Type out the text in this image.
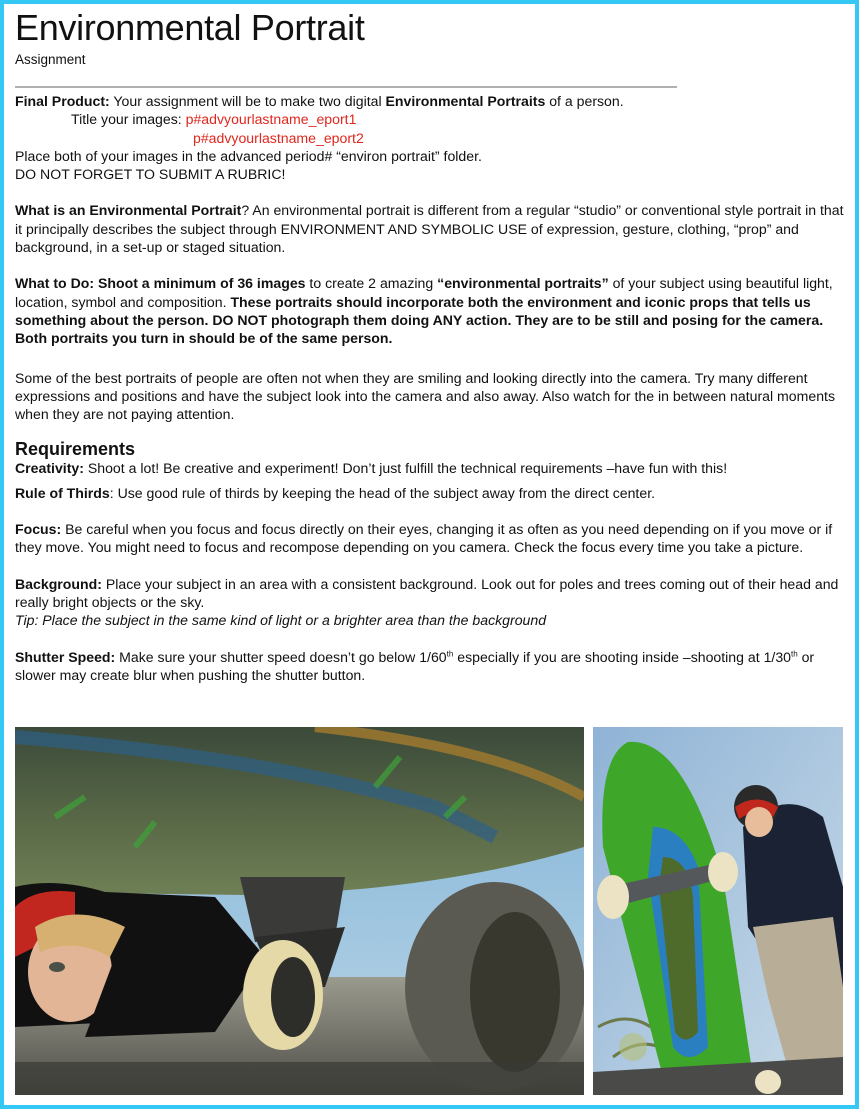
Environmental Portrait
Assignment

Final Product: Your assignment will be to make two digital Environmental Portraits of a person.

Title your images: p#advyourlastname_eport1

p#advyourlastname_eport2

Place both of your images in the advanced period# “environ portrait” folder.

DO NOT FORGET TO SUBMIT A RUBRIC!

What is an Environmental Portrait? An environmental portrait is different from a regular “studio” or conventional style portrait in that it principally describes the subject through ENVIRONMENT AND SYMBOLIC USE of expression, gesture, clothing, “prop” and background, in a set-up or staged situation.

What to Do: Shoot a minimum of 36 images to create 2 amazing “environmental portraits” of your subject using beautiful light, location, symbol and composition. These portraits should incorporate both the environment and iconic props that tells us something about the person. DO NOT photograph them doing ANY action. They are to be still and posing for the camera. Both portraits you turn in should be of the same person.

Some of the best portraits of people are often not when they are smiling and looking directly into the camera. Try many different expressions and positions and have the subject look into the camera and also away. Also watch for the in between natural moments when they are not paying attention.

Requirements

Creativity: Shoot a lot! Be creative and experiment! Don’t just fulfill the technical requirements –have fun with this!

Rule of Thirds: Use good rule of thirds by keeping the head of the subject away from the direct center.

Focus: Be careful when you focus and focus directly on their eyes, changing it as often as you need depending on if you move or if they move. You might need to focus and recompose depending on you camera. Check the focus every time you take a picture.

Background: Place your subject in an area with a consistent background. Look out for poles and trees coming out of their head and really bright objects or the sky.

Tip: Place the subject in the same kind of light or a brighter area than the background

Shutter Speed: Make sure your shutter speed doesn’t go below 1/60th especially if you are shooting inside –shooting at 1/30th or slower may create blur when pushing the shutter button.
